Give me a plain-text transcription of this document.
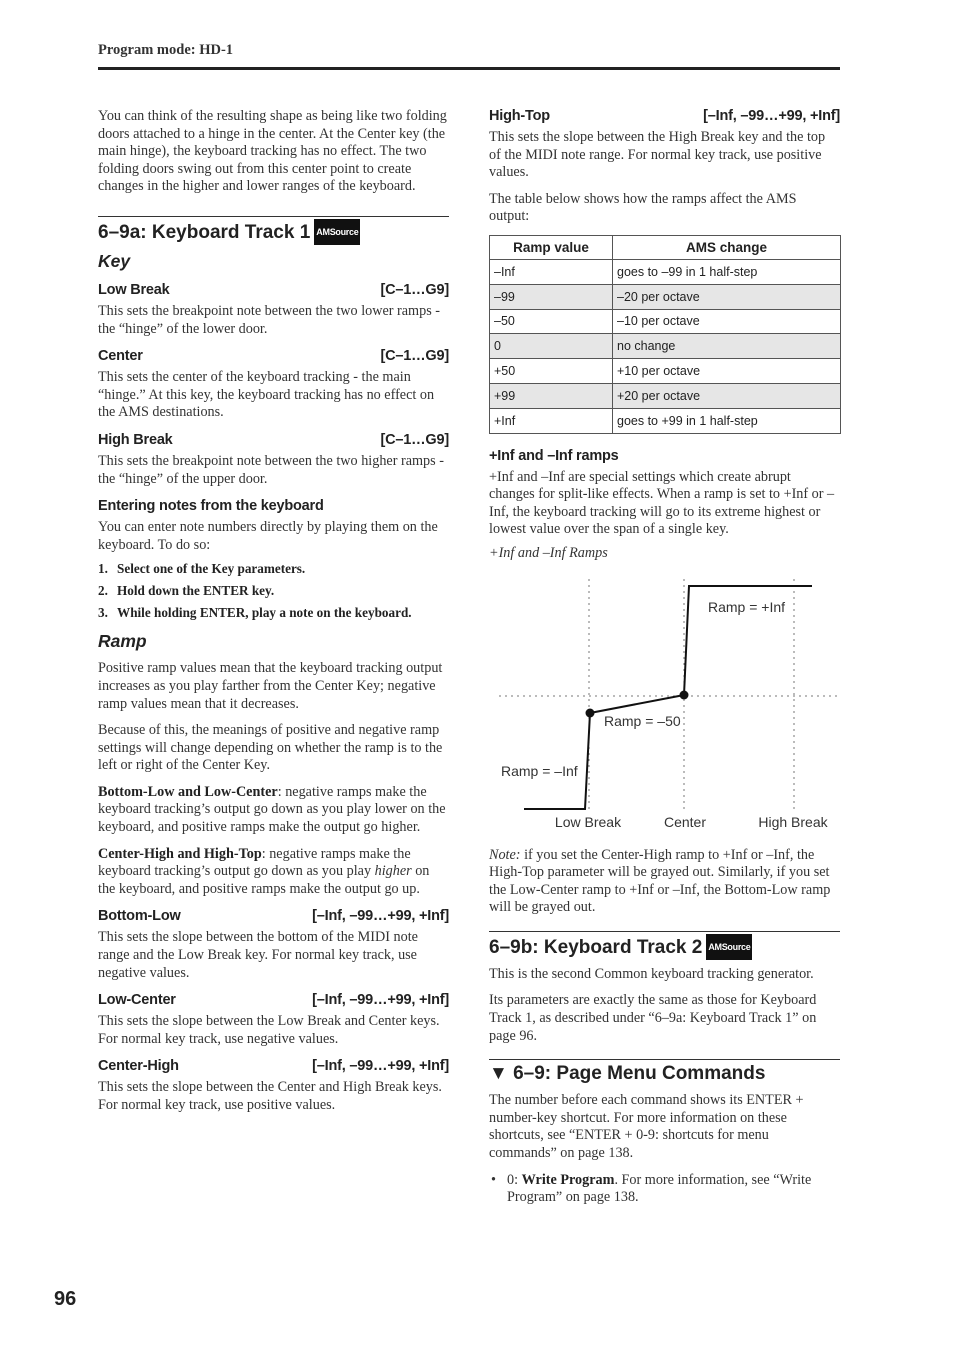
Program mode: HD-1

You can think of the resulting shape as being like two folding doors attached to a hinge in the center. At the Center key (the main hinge), the keyboard tracking has no effect. The two folding doors swing out from this center point to create changes in the higher and lower ranges of the keyboard.

6–9a: Keyboard Track 1 AMSource
Key
Low Break	[C–1…G9]

This sets the breakpoint note between the two lower ramps - the “hinge” of the lower door.

Center	[C–1…G9]

This sets the center of the keyboard tracking - the main “hinge.” At this key, the keyboard tracking has no effect on the AMS destinations.

High Break	[C–1…G9]

This sets the breakpoint note between the two higher ramps - the “hinge” of the upper door.

Entering notes from the keyboard

You can enter note numbers directly by playing them on the keyboard. To do so:

1. Select one of the Key parameters.
2. Hold down the ENTER key.
3. While holding ENTER, play a note on the keyboard.
Ramp

Positive ramp values mean that the keyboard tracking output increases as you play farther from the Center Key; negative ramp values mean that it decreases.

Because of this, the meanings of positive and negative ramp settings will change depending on whether the ramp is to the left or right of the Center Key.

Bottom-Low and Low-Center: negative ramps make the keyboard tracking’s output go down as you play lower on the keyboard, and positive ramps make the output go higher.

Center-High and High-Top: negative ramps make the keyboard tracking’s output go down as you play higher on the keyboard, and positive ramps make the output go up.

Bottom-Low	[–Inf, –99…+99, +Inf]

This sets the slope between the bottom of the MIDI note range and the Low Break key. For normal key track, use negative values.

Low-Center	[–Inf, –99…+99, +Inf]

This sets the slope between the Low Break and Center keys. For normal key track, use negative values.

Center-High	[–Inf, –99…+99, +Inf]

This sets the slope between the Center and High Break keys. For normal key track, use positive values.

High-Top	[–Inf, –99…+99, +Inf]

This sets the slope between the High Break key and the top of the MIDI note range. For normal key track, use positive values.

The table below shows how the ramps affect the AMS output:

Ramp value	AMS change
–Inf	goes to –99 in 1 half-step
–99	–20 per octave
–50	–10 per octave
0	no change
+50	+10 per octave
+99	+20 per octave
+Inf	goes to +99 in 1 half-step
+Inf and –Inf ramps

+Inf and –Inf are special settings which create abrupt changes for split-like effects. When a ramp is set to +Inf or –Inf, the keyboard tracking will go to its extreme highest or lowest value over the span of a single key.

+Inf and –Inf Ramps

Ramp = +Inf
Ramp = –50
Ramp = –Inf
Low Break	Center	High Break

Note: if you set the Center-High ramp to +Inf or –Inf, the High-Top parameter will be grayed out. Similarly, if you set the Low-Center ramp to +Inf or –Inf, the Bottom-Low ramp will be grayed out.

6–9b: Keyboard Track 2 AMSource

This is the second Common keyboard tracking generator.

Its parameters are exactly the same as those for Keyboard Track 1, as described under “6–9a: Keyboard Track 1” on page 96.

▼ 6–9: Page Menu Commands

The number before each command shows its ENTER + number-key shortcut. For more information on these shortcuts, see “ENTER + 0-9: shortcuts for menu commands” on page 138.

• 0: Write Program. For more information, see “Write Program” on page 138.
96
